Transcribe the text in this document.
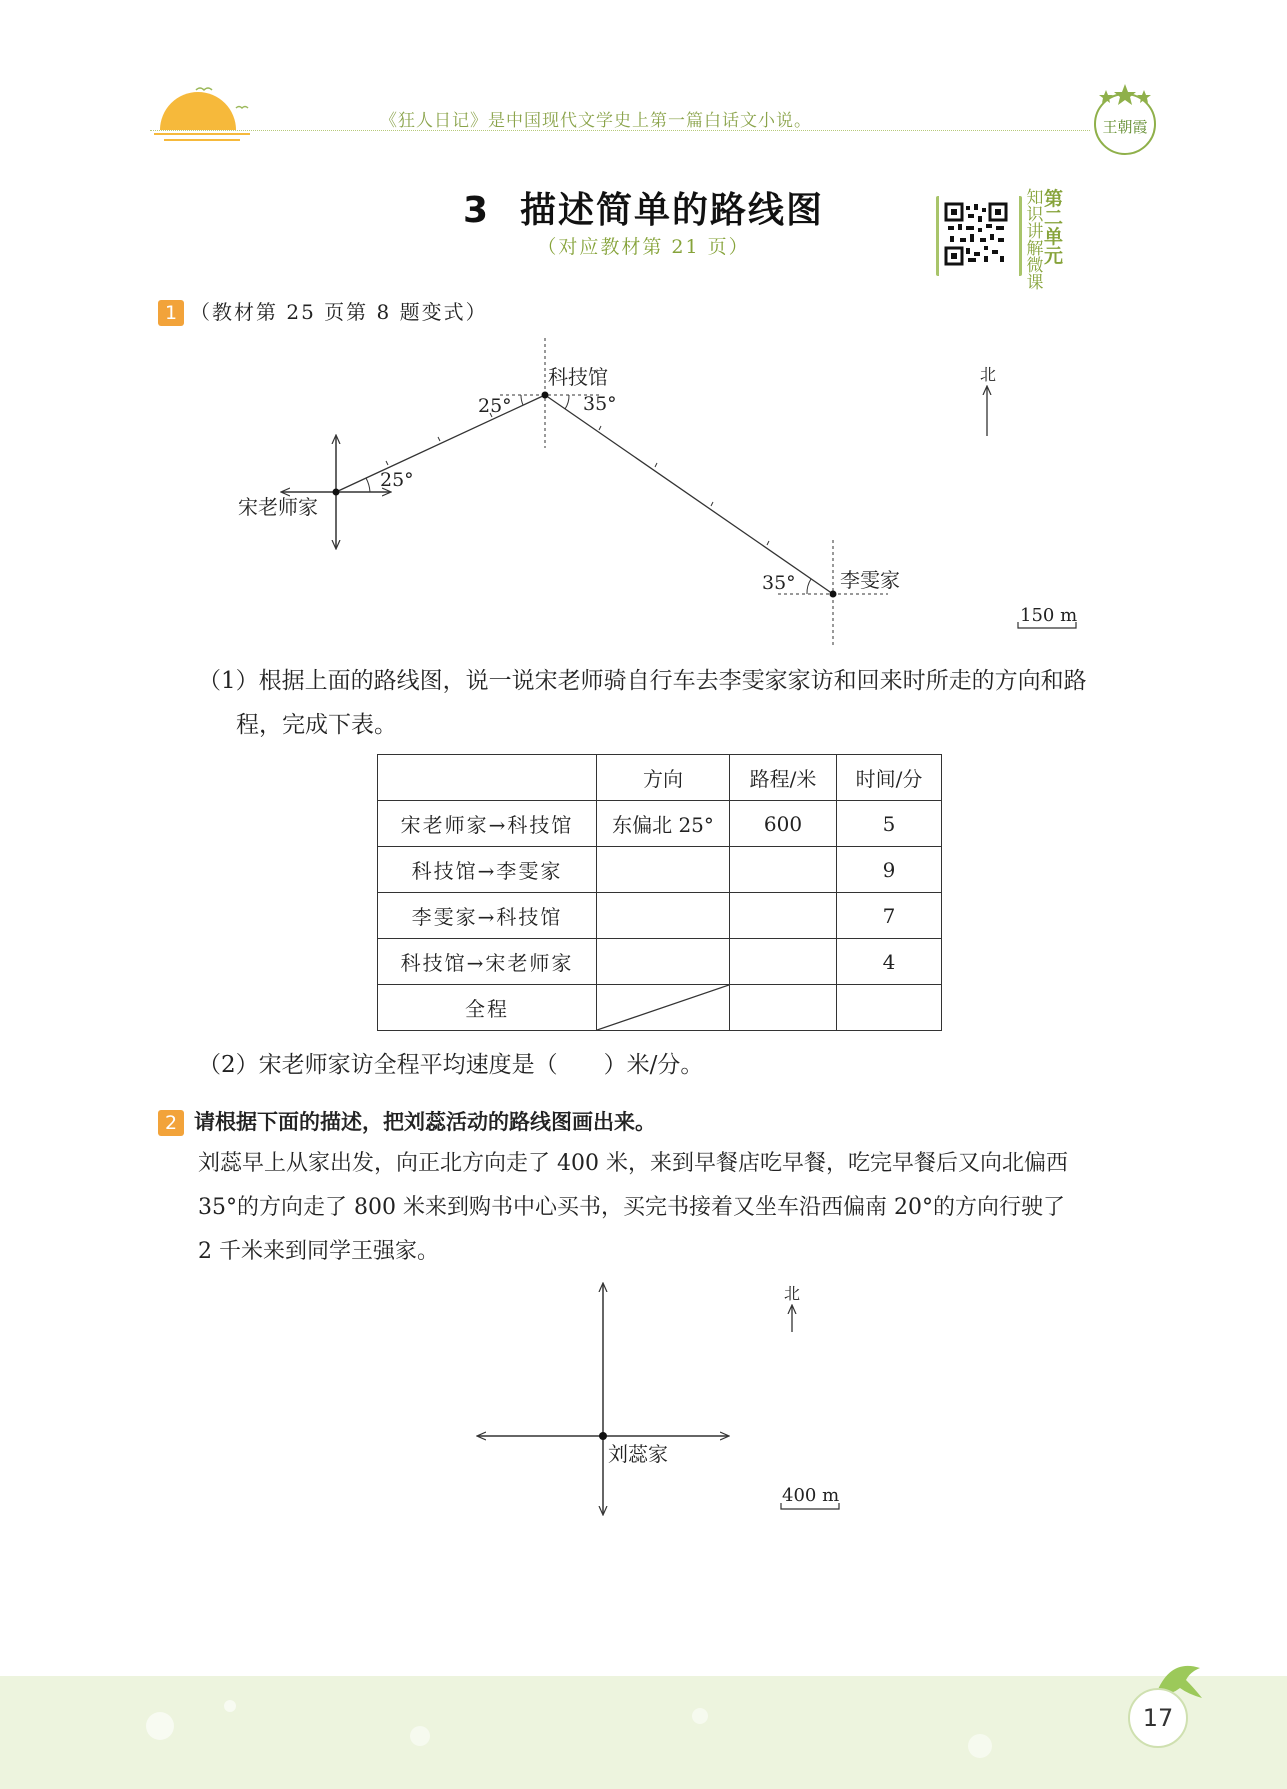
《狂人日记》是中国现代文学史上第一篇白话文小说。	王朝霞
3 描述简单的路线图
（对应教材第 21 页）
知
识
讲
解
微
课
第
二
单
元
1 （教材第 25 页第 8 题变式）
科技馆
宋老师家
李雯家
25°	35°
25°
35°
北
150 m
（1）根据上面的路线图，说一说宋老师骑自行车去李雯家家访和回来时所走的方向和路
程，完成下表。
	方向	路程/米	时间/分
宋老师家→科技馆	东偏北 25°	600	5
科技馆→李雯家			9
李雯家→科技馆			7
科技馆→宋老师家			4
全程	

（2）宋老师家访全程平均速度是（　　）米/分。
2 请根据下面的描述，把刘蕊活动的路线图画出来。
刘蕊早上从家出发，向正北方向走了 400 米，来到早餐店吃早餐，吃完早餐后又向北偏西
35°的方向走了 800 米来到购书中心买书，买完书接着又坐车沿西偏南 20°的方向行驶了
2 千米来到同学王强家。
刘蕊家
北
400 m
17
